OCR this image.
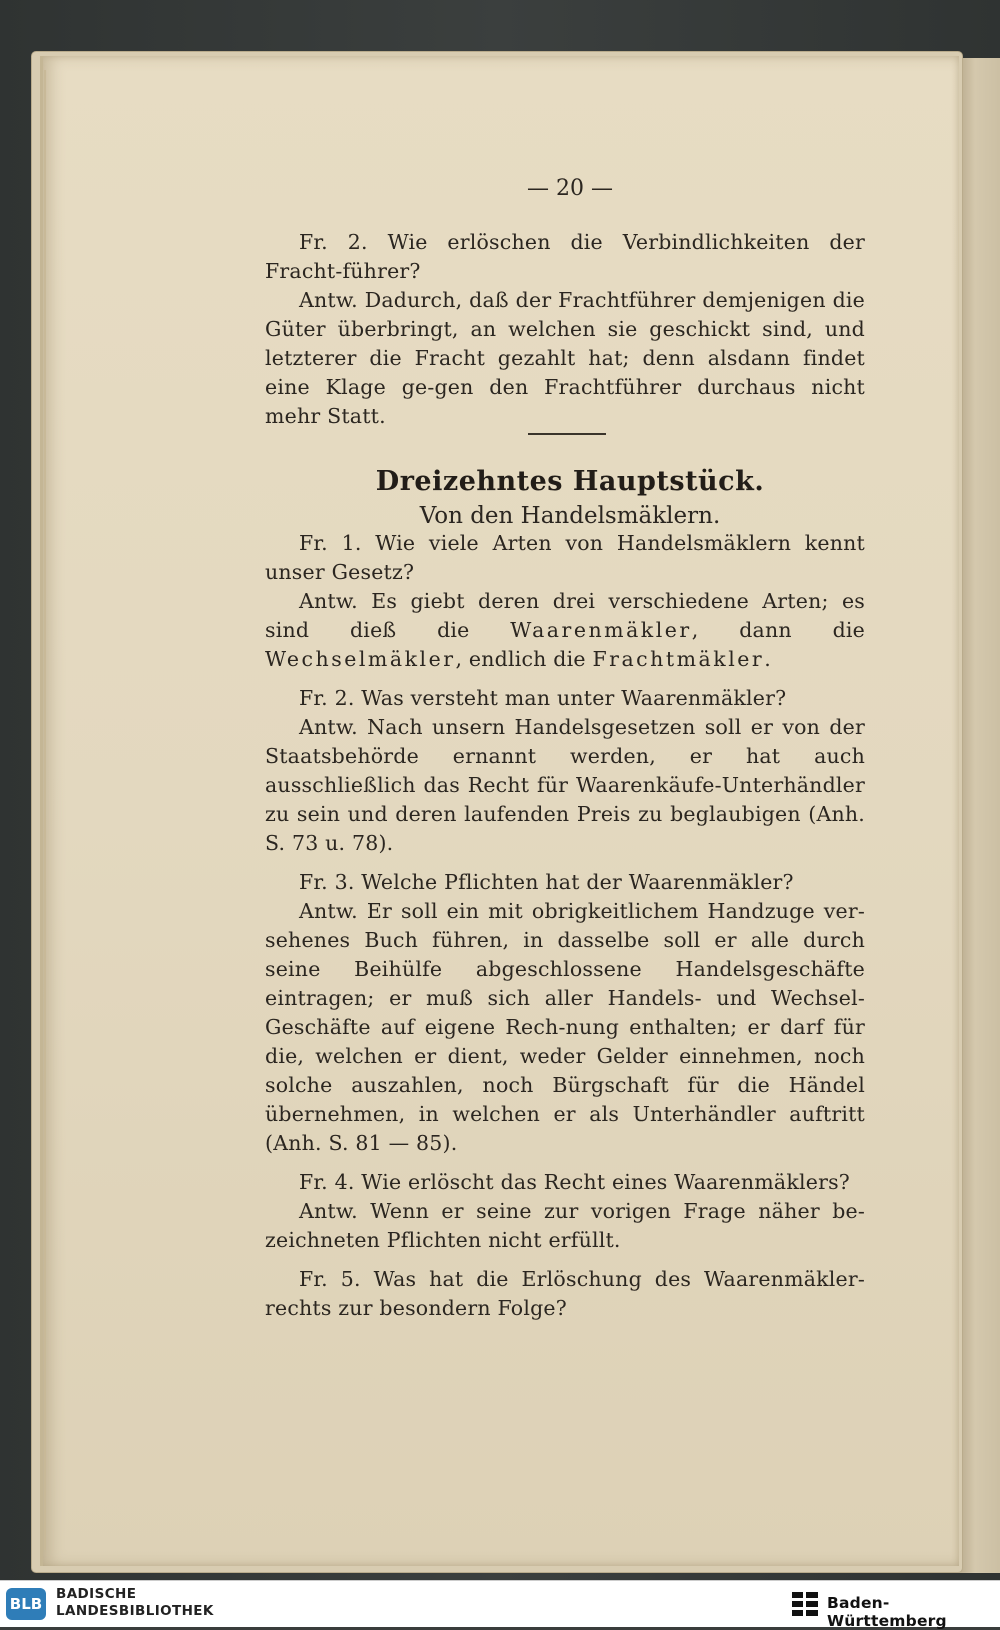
— 20 —

Fr. 2. Wie erlöschen die Verbindlichkeiten der Fracht-führer?

Antw. Dadurch, daß der Frachtführer demjenigen die Güter überbringt, an welchen sie geschickt sind, und letzterer die Fracht gezahlt hat; denn alsdann findet eine Klage ge-gen den Frachtführer durchaus nicht mehr Statt.

Dreizehntes Hauptstück.
Von den Handelsmäklern.

Fr. 1. Wie viele Arten von Handelsmäklern kennt unser Gesetz?

Antw. Es giebt deren drei verschiedene Arten; es sind dieß die Waarenmäkler, dann die Wechselmäkler, endlich die Frachtmäkler.

Fr. 2. Was versteht man unter Waarenmäkler?

Antw. Nach unsern Handelsgesetzen soll er von der Staatsbehörde ernannt werden, er hat auch ausschließlich das Recht für Waarenkäufe-Unterhändler zu sein und deren laufenden Preis zu beglaubigen (Anh. S. 73 u. 78).

Fr. 3. Welche Pflichten hat der Waarenmäkler?

Antw. Er soll ein mit obrigkeitlichem Handzuge ver-sehenes Buch führen, in dasselbe soll er alle durch seine Beihülfe abgeschlossene Handelsgeschäfte eintragen; er muß sich aller Handels- und Wechsel-Geschäfte auf eigene Rech-nung enthalten; er darf für die, welchen er dient, weder Gelder einnehmen, noch solche auszahlen, noch Bürgschaft für die Händel übernehmen, in welchen er als Unterhändler auftritt (Anh. S. 81 — 85).

Fr. 4. Wie erlöscht das Recht eines Waarenmäklers?

Antw. Wenn er seine zur vorigen Frage näher be-zeichneten Pflichten nicht erfüllt.

Fr. 5. Was hat die Erlöschung des Waarenmäkler-rechts zur besondern Folge?

BLB
BADISCHE
LANDESBIBLIOTHEK	Baden-Württemberg
